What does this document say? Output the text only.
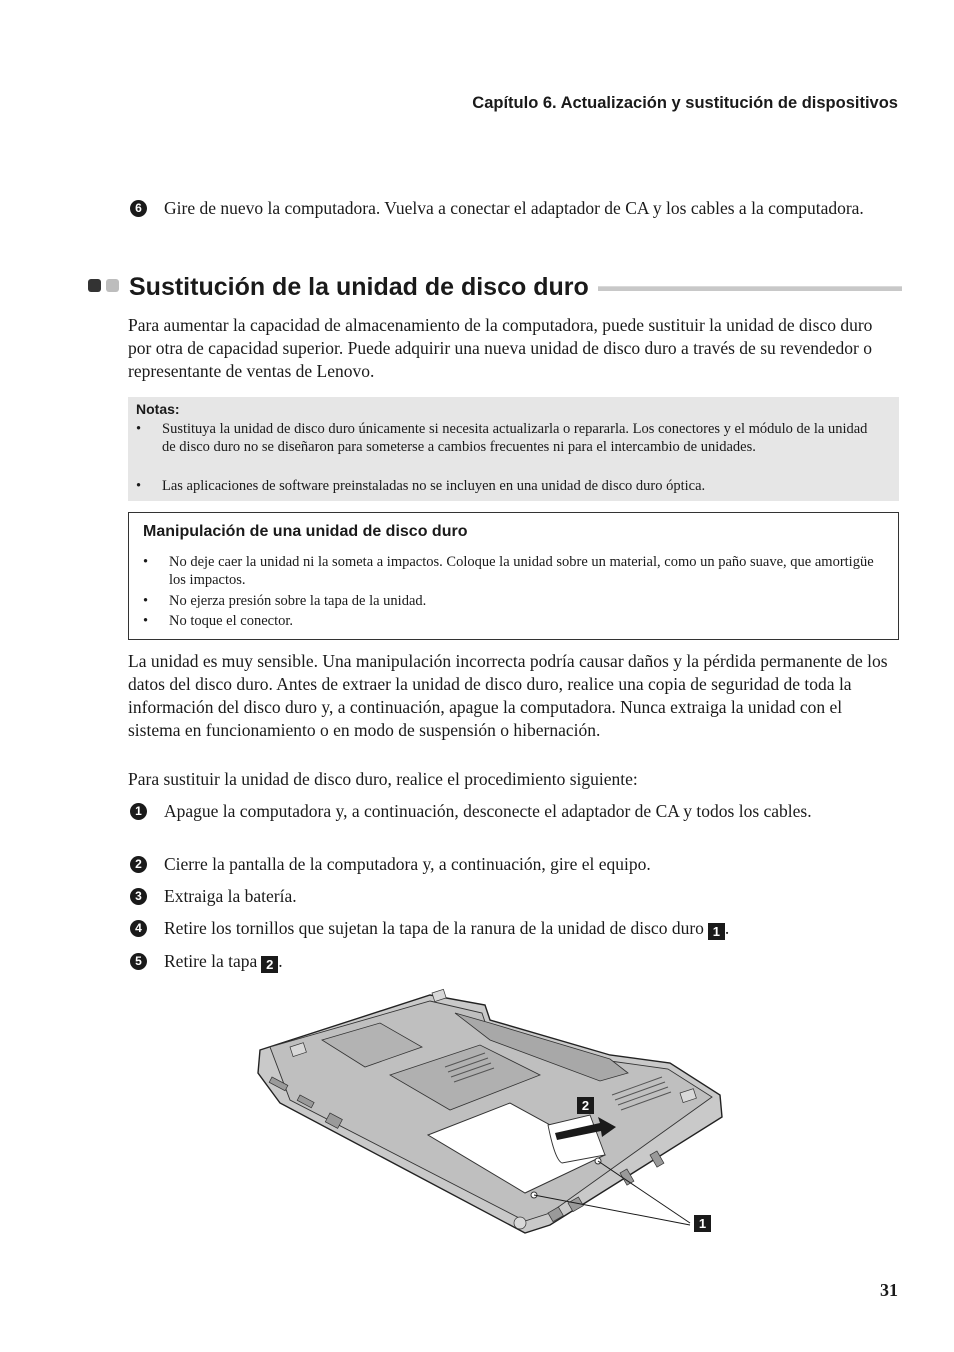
Capítulo 6. Actualización y sustitución de dispositivos
6 Gire de nuevo la computadora. Vuelva a conectar el adaptador de CA y los cables a la computadora.
Sustitución de la unidad de disco duro

Para aumentar la capacidad de almacenamiento de la computadora, puede sustituir la unidad de disco duro por otra de capacidad superior. Puede adquirir una nueva unidad de disco duro a través de su revendedor o representante de ventas de Lenovo.

Notas:
• Sustituya la unidad de disco duro únicamente si necesita actualizarla o repararla. Los conectores y el módulo de la unidad de disco duro no se diseñaron para someterse a cambios frecuentes ni para el intercambio de unidades.
• Las aplicaciones de software preinstaladas no se incluyen en una unidad de disco duro óptica.
Manipulación de una unidad de disco duro
• No deje caer la unidad ni la someta a impactos. Coloque la unidad sobre un material, como un paño suave, que amortigüe los impactos.
• No ejerza presión sobre la tapa de la unidad.
• No toque el conector.

La unidad es muy sensible. Una manipulación incorrecta podría causar daños y la pérdida permanente de los datos del disco duro. Antes de extraer la unidad de disco duro, realice una copia de seguridad de toda la información del disco duro y, a continuación, apague la computadora. Nunca extraiga la unidad con el sistema en funcionamiento o en modo de suspensión o hibernación.

Para sustituir la unidad de disco duro, realice el procedimiento siguiente:

1 Apague la computadora y, a continuación, desconecte el adaptador de CA y todos los cables.
2 Cierre la pantalla de la computadora y, a continuación, gire el equipo.
3 Extraiga la batería.
4 Retire los tornillos que sujetan la tapa de la ranura de la unidad de disco duro 1 .
5 Retire la tapa 2 .
2
1
31
